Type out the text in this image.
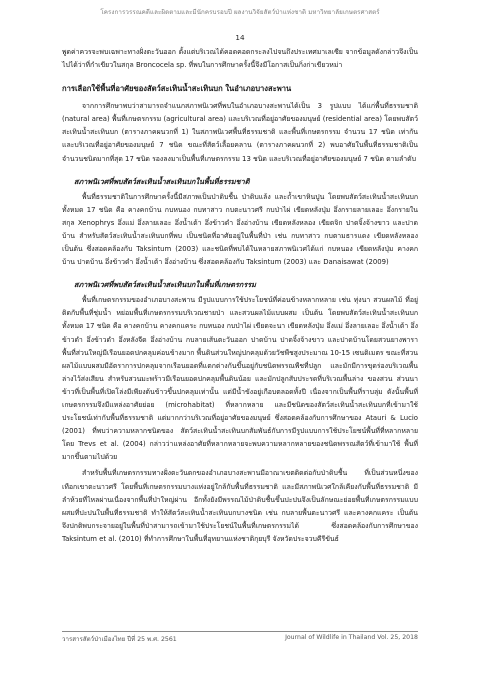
โครงการวรรณคดีและผิดตามและมีนักครบรอบปี ผลงานวิจัยสัตว์ป่าแห่งชาติ มหาวิทยาลัยเกษตรศาสตร์
14

พูดค่าควรจะพบเฉพาะทางฝั่งตะวันออก ตั้งแต่บริเวณได้คอดคอดกระลงไปจนถึงประเทศมาเลเซีย จากข้อมูลดังกล่าวจึงเป็นไปได้ว่าที่กำเขียวในสกุล Broncocela sp. ที่พบในการศึกษาครั้งนี้จึงมีโอกาสเป็นกิ่งก่าเขียวหม่า

การเลือกใช้พื้นที่อาศัยของสัตว์สะเทินน้ำสะเทินบก ในอำเภอบางสะพาน

จากการศึกษาพบว่าสามารถจำแนกสภาพนิเวศที่พบในอำเภอบางสะพานได้เป็น 3 รูปแบบ ได้แก่พื้นที่ธรรมชาติ (natural area) พื้นที่เกษตรกรรม (agricultural area) และบริเวณที่อยู่อาศัยของมนุษย์ (residential area) โดยพบสัตว์สะเทินน้ำสะเทินบก (ตารางภาคผนวกที่ 1) ในสภาพนิเวศพื้นที่ธรรมชาติ และพื้นที่เกษตรกรรม จำนวน 17 ชนิด เท่ากัน และบริเวณที่อยู่อาศัยของมนุษย์ 7 ชนิด ขณะที่สัตว์เลื้อยคลาน (ตารางภาคผนวกที่ 2) พบอาศัยในพื้นที่ธรรมชาติเป็นจำนวนชนิดมากที่สุด 17 ชนิด รองลงมาเป็นพื้นที่เกษตรกรรม 13 ชนิด และบริเวณที่อยู่อาศัยของมนุษย์ 7 ชนิด ตามลำดับ

สภาพนิเวศที่พบสัตว์สะเทินน้ำสะเทินบกในพื้นที่ธรรมชาติ

พื้นที่ธรรมชาติในการศึกษาครั้งนี้มีสภาพเป็นป่าดิบชื้น ป่าดิบแล้ง และถ้ำเขาหินปูน โดยพบสัตว์สะเทินน้ำสะเทินบกทั้งหมด 17 ชนิด คือ คางคกบ้าน กบหนอง กบทาสาว กบตะนาวศรี กบป่าไผ่ เขียดหลังปุ่ม อึ่งกรายลายเลอะ อึ่งกรายในสกุล Xenophrys อึ่งแม่ อึ่งลายเลอะ อึ่งน้ำเต้า อึ่งข้าวดำ อึ่งอ่างบ้าน เขียดหลังหลอง เขียดจิก ปาดจิ้งจ้างขาว และปาดบ้าน สำหรับสัตว์สะเทินน้ำสะเทินบกที่พบ เป็นชนิดที่อาศัยอยู่ในพื้นที่ป่า เช่น กบทาสาว กบตามธารแดง เขียดหลังหลอง เป็นต้น ซึ่งสอดคล้องกับ Taksintum (2003) และชนิดที่พบได้ในหลายสภาพนิเวศได้แก่ กบหนอง เขียดหลังปุ่ม คางคกบ้าน ปาดบ้าน อึ่งข้าวดำ อึ่งน้ำเต้า อึ่งอ่างบ้าน ซึ่งสอดคล้องกับ Taksintum (2003) และ Danaisawat (2009)

สภาพนิเวศที่พบสัตว์สะเทินน้ำสะเทินบกในพื้นที่เกษตรกรรม

พื้นที่เกษตรกรรมของอำเภอบางสะพาน มีรูปแบบการใช้ประโยชน์ที่ค่อนข้างหลากหลาย เช่น ทุ่งนา สวนผลไม้ ที่อยู่ติดกับพื้นที่ชุ่มน้ำ หย่อมพื้นที่เกษตรกรรมบริเวณชายป่า และสวนผลไม้แบบผสม เป็นต้น โดยพบสัตว์สะเทินน้ำสะเทินบกทั้งหมด 17 ชนิด คือ คางคกบ้าน คางคกแคระ กบหนอง กบป่าไผ่ เขียดจะนา เขียดหลังปุ่ม อึ่งแม่ อึ่งลายเลอะ อึ่งน้ำเต้า อึ่งข้าวดำ อึ่งข้าวดำ อึ่งหลังจีด อึ่งอ่างบ้าน กบลายเส้นตะวันออก ปาดบ้าน ปาดจิ้งจ้างขาว และปาดบ้านโดยสวนยางพาราพื้นที่ส่วนใหญ่มีเรือนยอดปกคลุมค่อนข้างมาก พื้นดินส่วนใหญ่ปกคลุมด้วยวัชพืชสูงประมาณ 10-15 เซนติเมตร ขณะที่สวนผลไม้แบบผสมมีอัตราการปกคลุมจากเรือนยอดที่แตกต่างกันขึ้นอยู่กับชนิดพรรณพืชที่ปลูก และมักมีการขุดร่องบริเวณพื้นล่างไว้ส่งเสียน สำหรับสวนมะพร้าวมีเรือนยอดปกคลุมพื้นดินน้อย และมักปลูกสับประรดที่บริเวณพื้นล่าง ของสวน ส่วนนาข้าวที่เป็นพื้นที่เปิดโล่งมีเพียงต้นข้าวขึ้นปกคลุมเท่านั้น แต่มีน้ำขังอยู่เกือบตลอดทั้งปี เนื่องจากเป็นพื้นที่ราบลุ่ม ดังนั้นพื้นที่เกษตรกรรมจึงมีแหล่งอาศัยย่อย (microhabitat) ที่หลากหลาย และมีชนิดของสัตว์สะเทินน้ำสะเทินบกที่เข้ามาใช้ประโยชน์เท่ากับพื้นที่ธรรมชาติ แต่มากกว่าบริเวณที่อยู่อาศัยของมนุษย์ ซึ่งสอดคล้องกับการศึกษาของ Atauri & Lucio (2001) ที่พบว่าความหลากชนิดของ สัตว์สะเทินน้ำสะเทินบกสัมพันธ์กับการมีรูปแบบการใช้ประโยชน์พื้นที่ที่หลากหลาย โดย Trevs et al. (2004) กล่าวว่าแหล่งอาศัยที่หลากหลายจะพบความหลากหลายของชนิดพรรณสัตว์ที่เข้ามาใช้ พื้นที่มากขึ้นตามไปด้วย

สำหรับพื้นที่เกษตรกรรมทางฝั่งตะวันตกของอำเภอบางสะพานมีอาณาเขตติดต่อกับป่าดิบชื้น ที่เป็นส่วนหนึ่งของเทือกเขาตะนาวศรี โดยพื้นที่เกษตรกรรมบางแห่งอยู่ใกล้กับพื้นที่ธรรมชาติ และมีสภาพนิเวศใกล้เคียงกับพื้นที่ธรรมชาติ มีลำห้วยที่ไหลผ่านเนื่องจากพื้นที่ป่าใหญ่ผ่าน อีกทั้งยังมีพรรณไม้ป่าดิบชื้นขึ้นปะปนจึงเป็นลักษณะย่อยพื้นที่เกษตรกรรมแบบผสมที่ปะปนในพื้นที่ธรรมชาติ ทำให้สัตว์สะเทินน้ำสะเทินบกบางชนิด เช่น กบลายพื้นตะนาวศรี และคางคกแคระ เป็นต้น จึงปกติพบกระจายอยู่ในพื้นที่ป่าสามารถเข้ามาใช้ประโยชน์ในพื้นที่เกษตรกรรมได้ ซึ่งสอดคล้องกับการศึกษาของ Taksintum et al. (2010) ที่ทำการศึกษาในพื้นที่อุทยานแห่งชาติกุยบุรี จังหวัดประจวบคีรีขันธ์

วารสารสัตว์ป่าเมืองไทย ปีที่ 25 พ.ศ. 2561	Journal of Wildlife in Thailand Vol. 25, 2018
